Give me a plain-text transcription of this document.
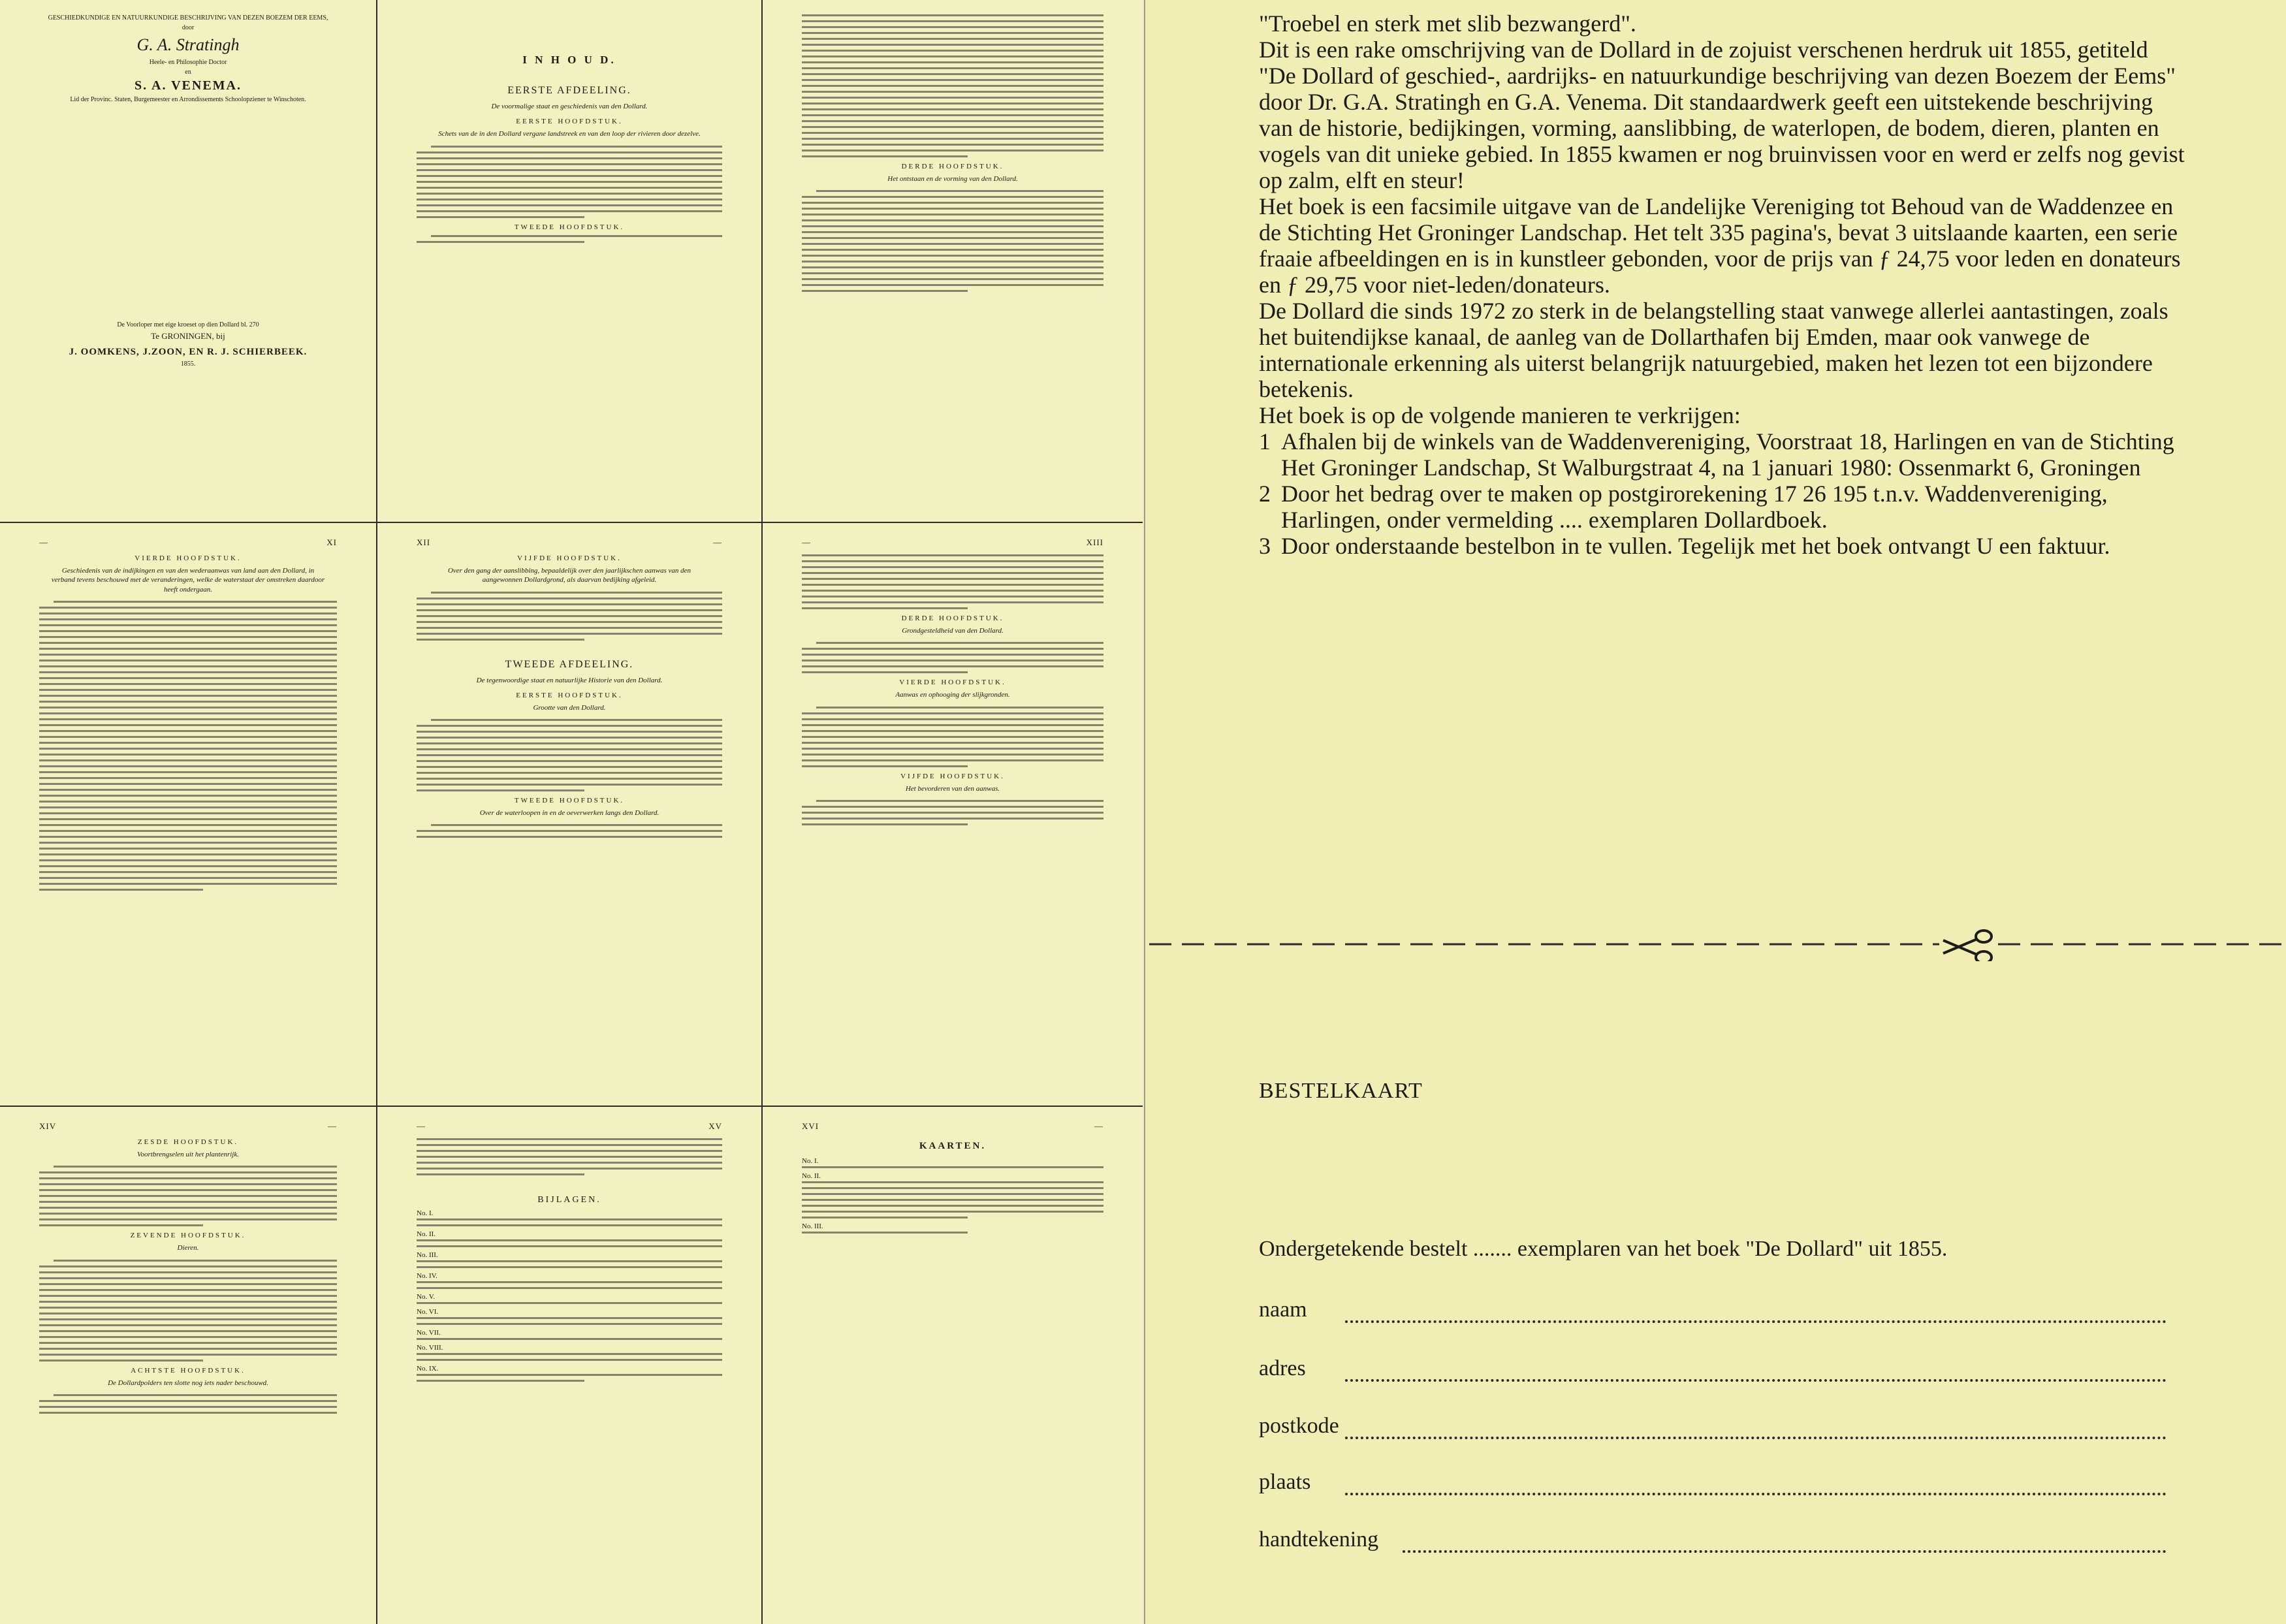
GESCHIEDKUNDIGE EN NATUURKUNDIGE BESCHRIJVING VAN DEZEN BOEZEM DER EEMS,
door
G. A. Stratingh
Heele- en Philosophie Doctor
en
S. A. VENEMA.
Lid der Provinc. Staten, Burgemeester en Arrondissements Schoolopziener te Winschoten.
De Voorloper met eige kroeset op dien Dollard bl. 270
Te GRONINGEN, bij
J. OOMKENS, J.ZOON, EN R. J. SCHIERBEEK.
1855.
I N H O U D.
EERSTE AFDEELING.
De voormalige staat en geschiedenis van den Dollard.
EERSTE HOOFDSTUK.
Schets van de in den Dollard vergane landstreek en van den loop der rivieren door dezelve.
TWEEDE HOOFDSTUK.
DERDE HOOFDSTUK.
Het ontstaan en de vorming van den Dollard.
—	XI
VIERDE HOOFDSTUK.
Geschiedenis van de indijkingen en van den wederaanwas van land aan den Dollard, in verband tevens beschouwd met de veranderingen, welke de waterstaat der omstreken daardoor heeft ondergaan.
XII	—
VIJFDE HOOFDSTUK.
Over den gang der aanslibbing, bepaaldelijk over den jaarlijkschen aanwas van den aangewonnen Dollardgrond, als daarvan bedijking afgeleid.
TWEEDE AFDEELING.
De tegenwoordige staat en natuurlijke Historie van den Dollard.
EERSTE HOOFDSTUK.
Grootte van den Dollard.
TWEEDE HOOFDSTUK.
Over de waterloopen in en de oeverwerken langs den Dollard.
—	XIII
DERDE HOOFDSTUK.
Grondgesteldheid van den Dollard.
VIERDE HOOFDSTUK.
Aanwas en ophooging der slijkgronden.
VIJFDE HOOFDSTUK.
Het bevorderen van den aanwas.
XIV	—
ZESDE HOOFDSTUK.
Voortbrengselen uit het plantenrijk.
ZEVENDE HOOFDSTUK.
Dieren.
ACHTSTE HOOFDSTUK.
De Dollardpolders ten slotte nog iets nader beschouwd.
—	XV
BIJLAGEN.
No. I.
No. II.
No. III.
No. IV.
No. V.
No. VI.
No. VII.
No. VIII.
No. IX.
XVI	—
KAARTEN.
No. I.
No. II.
No. III.

"Troebel en sterk met slib bezwangerd".

Dit is een rake omschrijving van de Dollard in de zojuist verschenen herdruk uit 1855, getiteld "De Dollard of geschied-, aardrijks- en natuurkundige beschrijving van dezen Boezem der Eems" door Dr. G.A. Stratingh en G.A. Venema. Dit standaardwerk geeft een uitstekende beschrijving van de historie, bedijkingen, vorming, aanslibbing, de waterlopen, de bodem, dieren, planten en vogels van dit unieke gebied. In 1855 kwamen er nog bruinvissen voor en werd er zelfs nog gevist op zalm, elft en steur!

Het boek is een facsimile uitgave van de Landelijke Vereniging tot Behoud van de Waddenzee en de Stichting Het Groninger Landschap. Het telt 335 pagina's, bevat 3 uitslaande kaarten, een serie fraaie afbeeldingen en is in kunstleer gebonden, voor de prijs van ƒ 24,75 voor leden en donateurs en ƒ 29,75 voor niet-leden/donateurs.

De Dollard die sinds 1972 zo sterk in de belangstelling staat vanwege allerlei aantastingen, zoals het buitendijkse kanaal, de aanleg van de Dollarthafen bij Emden, maar ook vanwege de internationale erkenning als uiterst belangrijk natuurgebied, maken het lezen tot een bijzondere betekenis.

Het boek is op de volgende manieren te verkrijgen:

1 Afhalen bij de winkels van de Waddenvereniging, Voorstraat 18, Harlingen en van de Stichting Het Groninger Landschap, St Walburgstraat 4, na 1 januari 1980: Ossenmarkt 6, Groningen
2 Door het bedrag over te maken op postgirorekening 17 26 195 t.n.v. Waddenvereniging, Harlingen, onder vermelding .... exemplaren Dollardboek.
3 Door onderstaande bestelbon in te vullen. Tegelijk met het boek ontvangt U een faktuur.
BESTELKAART
Ondergetekende bestelt ....... exemplaren van het boek "De Dollard" uit 1855.
naam
adres
postkode
plaats
handtekening
